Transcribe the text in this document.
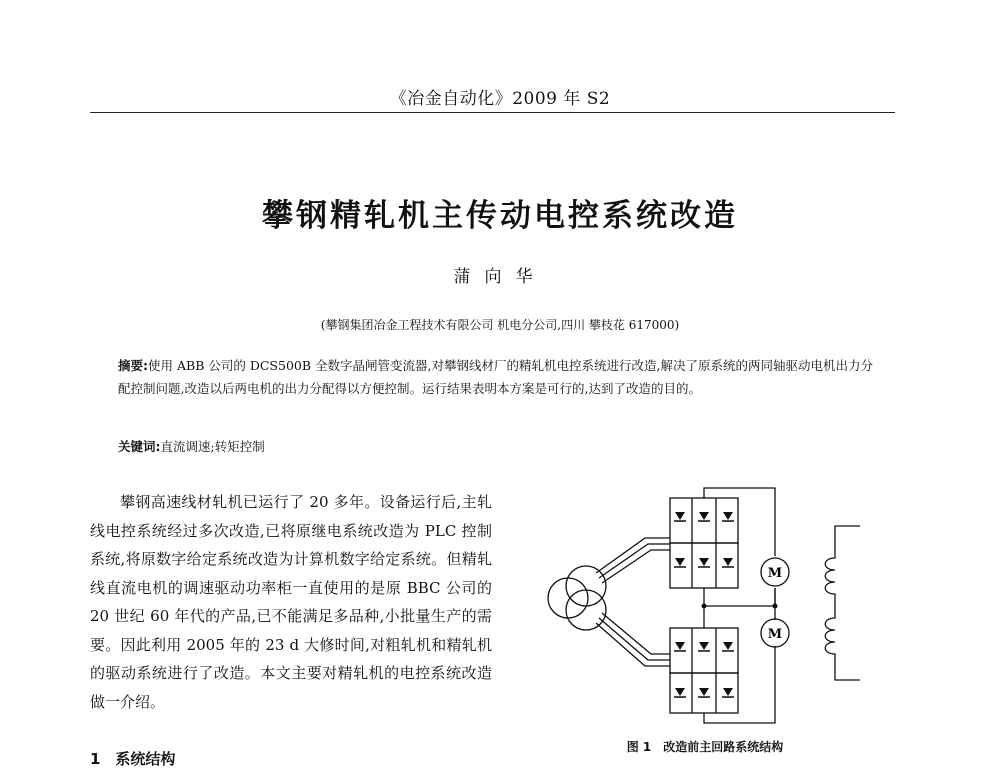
《冶金自动化》2009 年 S2
攀钢精轧机主传动电控系统改造
蒲向华
(攀钢集团冶金工程技术有限公司 机电分公司,四川 攀枝花 617000)
摘要:使用 ABB 公司的 DCS500B 全数字晶闸管变流器,对攀钢线材厂的精轧机电控系统进行改造,解决了原系统的两同轴驱动电机出力分配控制问题,改造以后两电机的出力分配得以方便控制。运行结果表明本方案是可行的,达到了改造的目的。
关键词:直流调速;转矩控制
攀钢高速线材轧机已运行了 20 多年。设备运行后,主轧线电控系统经过多次改造,已将原继电系统改造为 PLC 控制系统,将原数字给定系统改造为计算机数字给定系统。但精轧线直流电机的调速驱动功率柜一直使用的是原 BBC 公司的 20 世纪 60 年代的产品,已不能满足多品种,小批量生产的需要。因此利用 2005 年的 23 d 大修时间,对粗轧机和精轧机的驱动系统进行了改造。本文主要对精轧机的电控系统改造做一介绍。
1　系统结构
M
M
图 1　改造前主回路系统结构
